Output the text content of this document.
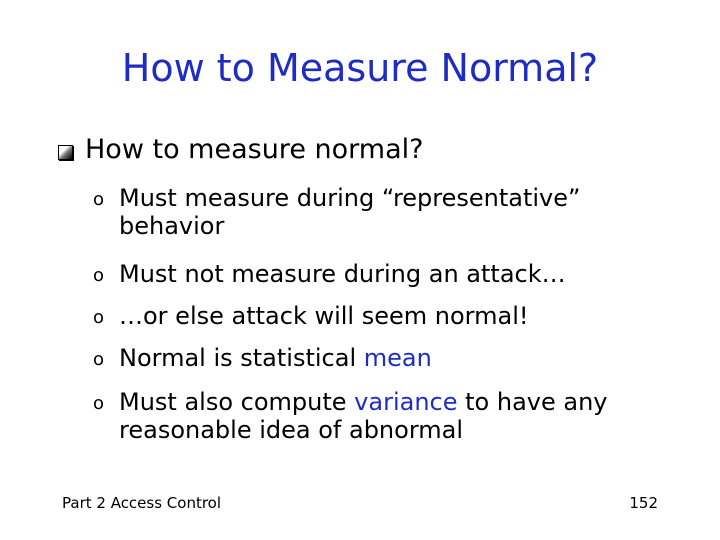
How to Measure Normal?
How to measure normal?
o Must measure during “representative” behavior
o Must not measure during an attack…
o …or else attack will seem normal!
o Normal is statistical mean
o Must also compute variance to have any reasonable idea of abnormal
Part 2 Access Control	152
